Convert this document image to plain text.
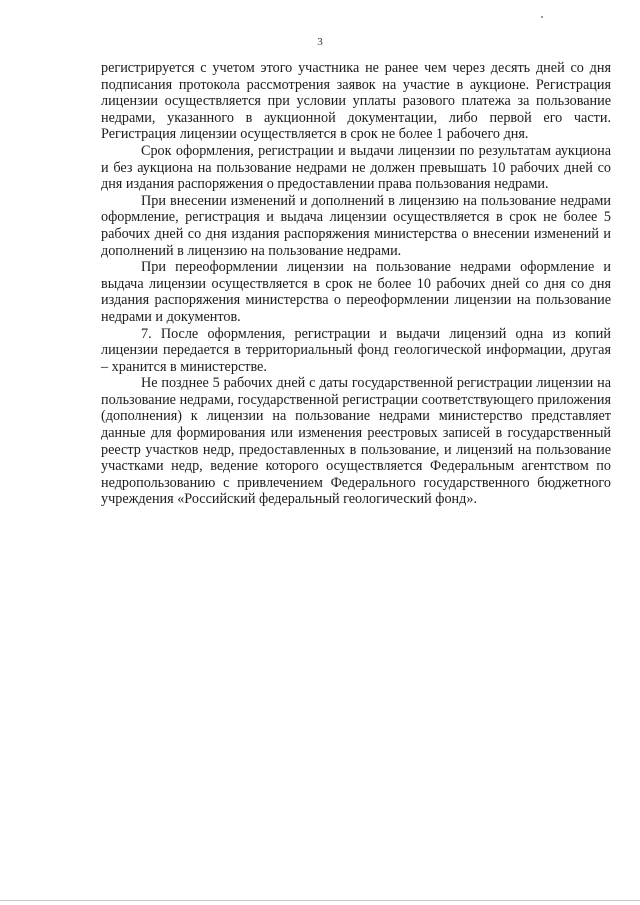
3

регистрируется с учетом этого участника не ранее чем через десять дней со дня подписания протокола рассмотрения заявок на участие в аукционе. Регистрация лицензии осуществляется при условии уплаты разового платежа за пользование недрами, указанного в аукционной документации, либо первой его части. Регистрация лицензии осуществляется в срок не более 1 рабочего дня.

Срок оформления, регистрации и выдачи лицензии по результатам аукциона и без аукциона на пользование недрами не должен превышать 10 рабочих дней со дня издания распоряжения о предоставлении права пользования недрами.

При внесении изменений и дополнений в лицензию на пользование недрами оформление, регистрация и выдача лицензии осуществляется в срок не более 5 рабочих дней со дня издания распоряжения министерства о внесении изменений и дополнений в лицензию на пользование недрами.

При переоформлении лицензии на пользование недрами оформление и выдача лицензии осуществляется в срок не более 10 рабочих дней со дня со дня издания распоряжения министерства о переоформлении лицензии на пользование недрами и документов.

7. После оформления, регистрации и выдачи лицензий одна из копий лицензии передается в территориальный фонд геологической информации, другая – хранится в министерстве.

Не позднее 5 рабочих дней с даты государственной регистрации лицензии на пользование недрами, государственной регистрации соответствующего приложения (дополнения) к лицензии на пользование недрами министерство представляет данные для формирования или изменения реестровых записей в государственный реестр участков недр, предоставленных в пользование, и лицензий на пользование участками недр, ведение которого осуществляется Федеральным агентством по недропользованию с привлечением Федерального государственного бюджетного учреждения «Российский федеральный геологический фонд».
